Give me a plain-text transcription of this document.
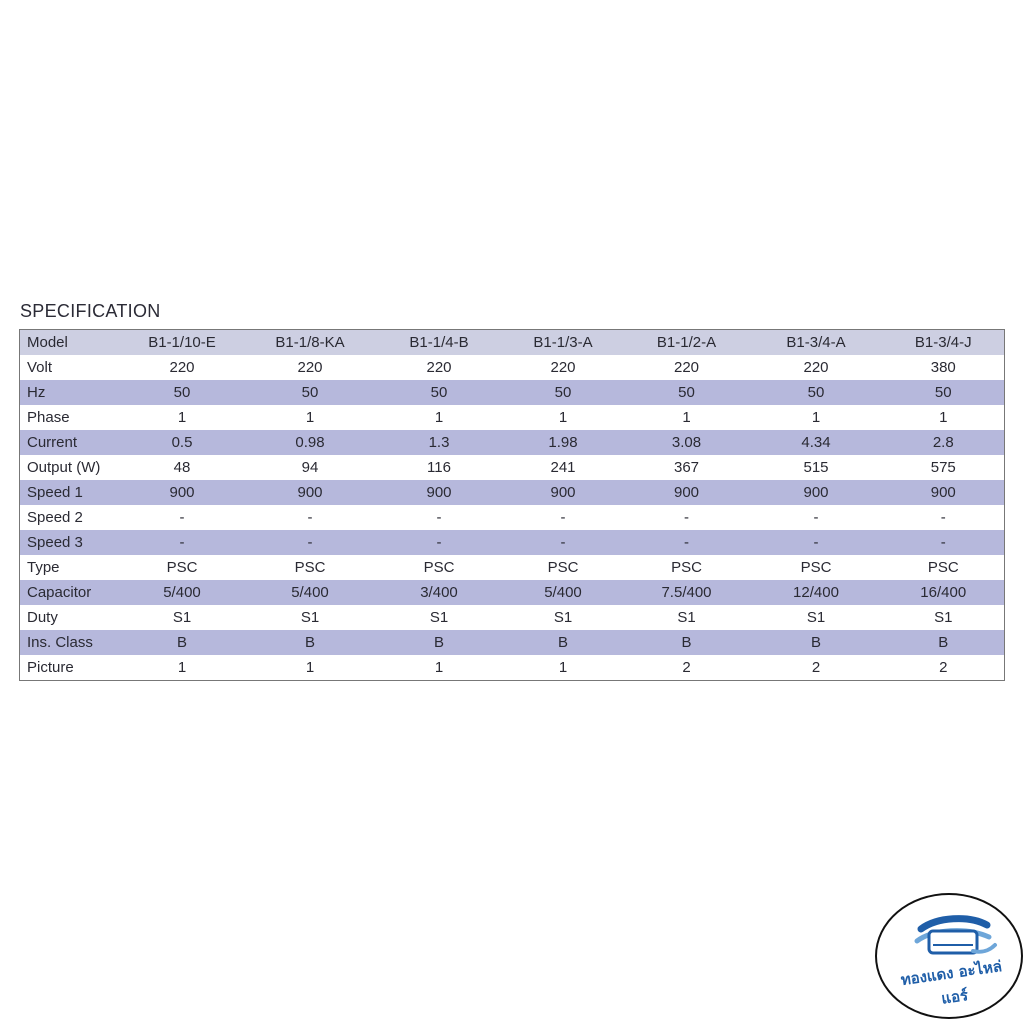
SPECIFICATION
Model	B1-1/10-E	B1-1/8-KA	B1-1/4-B	B1-1/3-A	B1-1/2-A	B1-3/4-A	B1-3/4-J
Volt	220	220	220	220	220	220	380
Hz	50	50	50	50	50	50	50
Phase	1	1	1	1	1	1	1
Current	0.5	0.98	1.3	1.98	3.08	4.34	2.8
Output (W)	48	94	116	241	367	515	575
Speed 1	900	900	900	900	900	900	900
Speed 2	-	-	-	-	-	-	-
Speed 3	-	-	-	-	-	-	-
Type	PSC	PSC	PSC	PSC	PSC	PSC	PSC
Capacitor	5/400	5/400	3/400	5/400	7.5/400	12/400	16/400
Duty	S1	S1	S1	S1	S1	S1	S1
Ins. Class	B	B	B	B	B	B	B
Picture	1	1	1	1	2	2	2
ทองแดง อะไหล่แอร์
